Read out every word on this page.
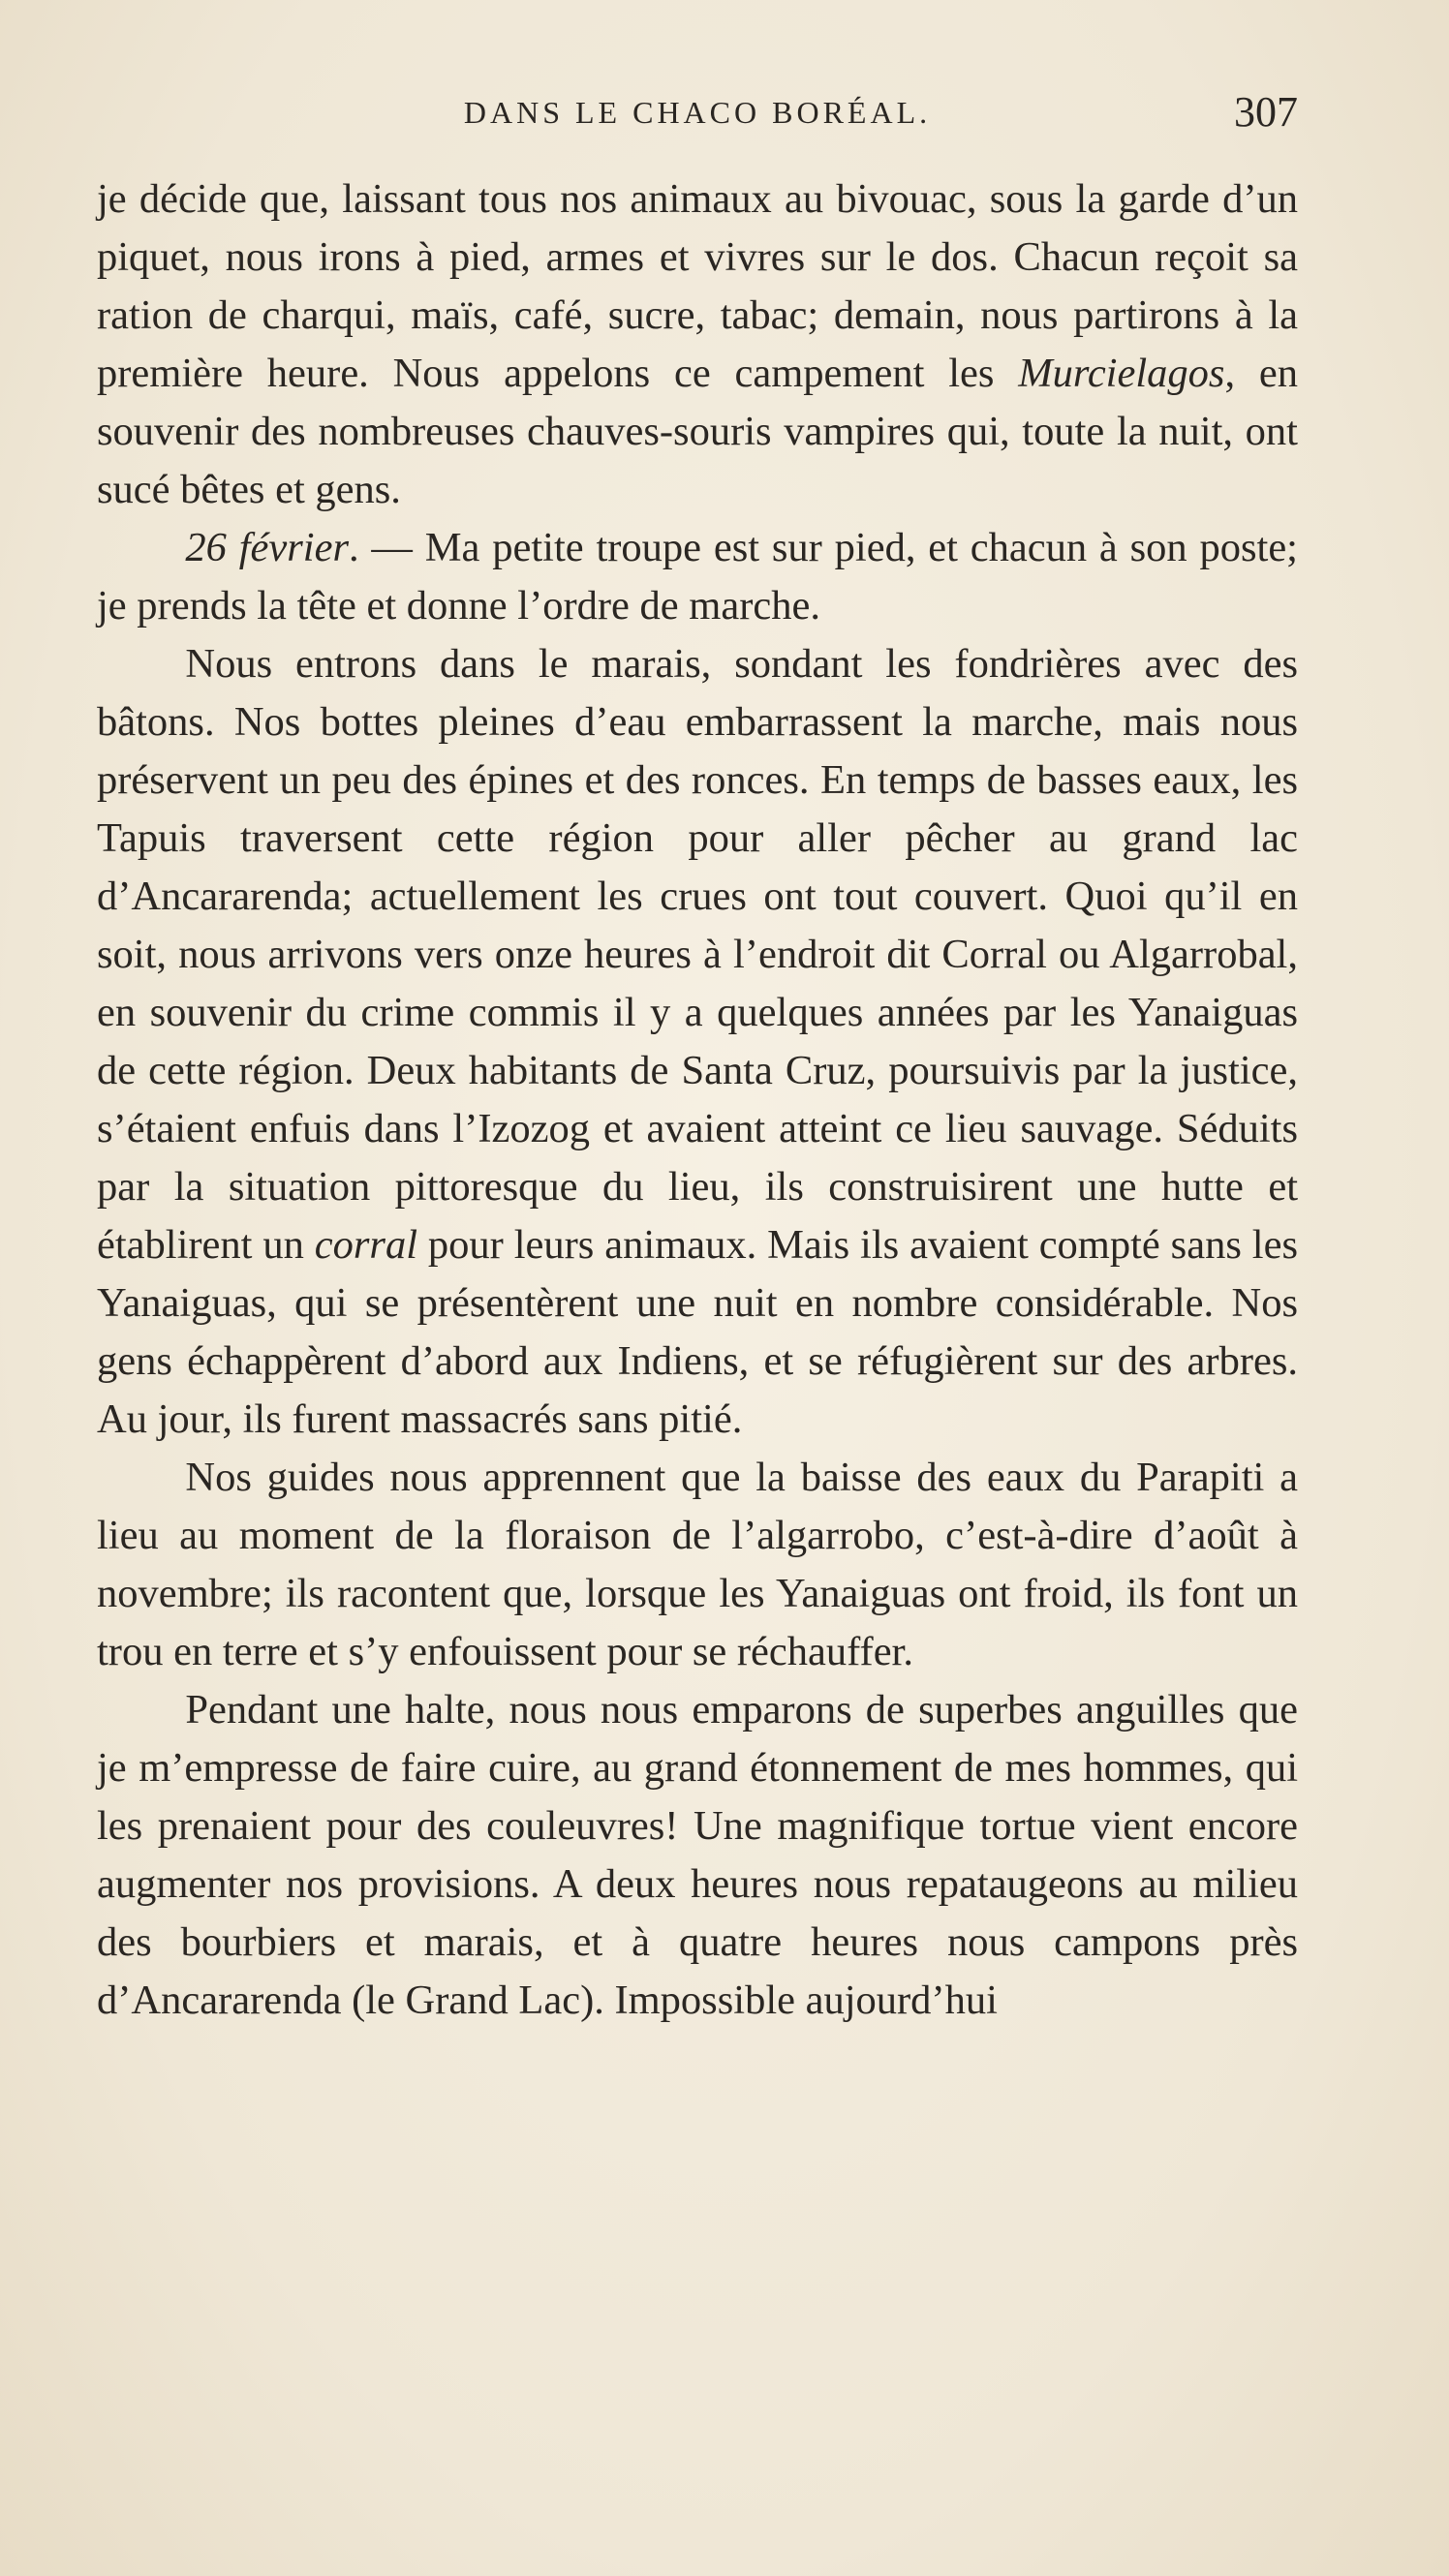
DANS LE CHACO BORÉAL.	307

je décide que, laissant tous nos animaux au bivouac, sous la garde d’un piquet, nous irons à pied, armes et vivres sur le dos. Chacun reçoit sa ration de charqui, maïs, café, sucre, tabac; demain, nous partirons à la première heure. Nous appelons ce campement les Murcielagos, en souvenir des nombreuses chauves-souris vampires qui, toute la nuit, ont sucé bêtes et gens.

26 février. — Ma petite troupe est sur pied, et chacun à son poste; je prends la tête et donne l’ordre de marche.

Nous entrons dans le marais, sondant les fondrières avec des bâtons. Nos bottes pleines d’eau embarrassent la marche, mais nous préservent un peu des épines et des ronces. En temps de basses eaux, les Tapuis traversent cette région pour aller pêcher au grand lac d’Ancararenda; actuellement les crues ont tout couvert. Quoi qu’il en soit, nous arrivons vers onze heures à l’endroit dit Corral ou Algarrobal, en souvenir du crime commis il y a quelques années par les Yanaiguas de cette région. Deux habitants de Santa Cruz, poursuivis par la justice, s’étaient enfuis dans l’Izozog et avaient atteint ce lieu sauvage. Séduits par la situation pittoresque du lieu, ils construisirent une hutte et établirent un corral pour leurs animaux. Mais ils avaient compté sans les Yanaiguas, qui se présentèrent une nuit en nombre considérable. Nos gens échappèrent d’abord aux Indiens, et se réfugièrent sur des arbres. Au jour, ils furent massacrés sans pitié.

Nos guides nous apprennent que la baisse des eaux du Parapiti a lieu au moment de la floraison de l’algarrobo, c’est-à-dire d’août à novembre; ils racontent que, lorsque les Yanaiguas ont froid, ils font un trou en terre et s’y enfouissent pour se réchauffer.

Pendant une halte, nous nous emparons de superbes anguilles que je m’empresse de faire cuire, au grand étonnement de mes hommes, qui les prenaient pour des couleuvres! Une magnifique tortue vient encore augmenter nos provisions. A deux heures nous repataugeons au milieu des bourbiers et marais, et à quatre heures nous campons près d’Ancararenda (le Grand Lac). Impossible aujourd’hui
